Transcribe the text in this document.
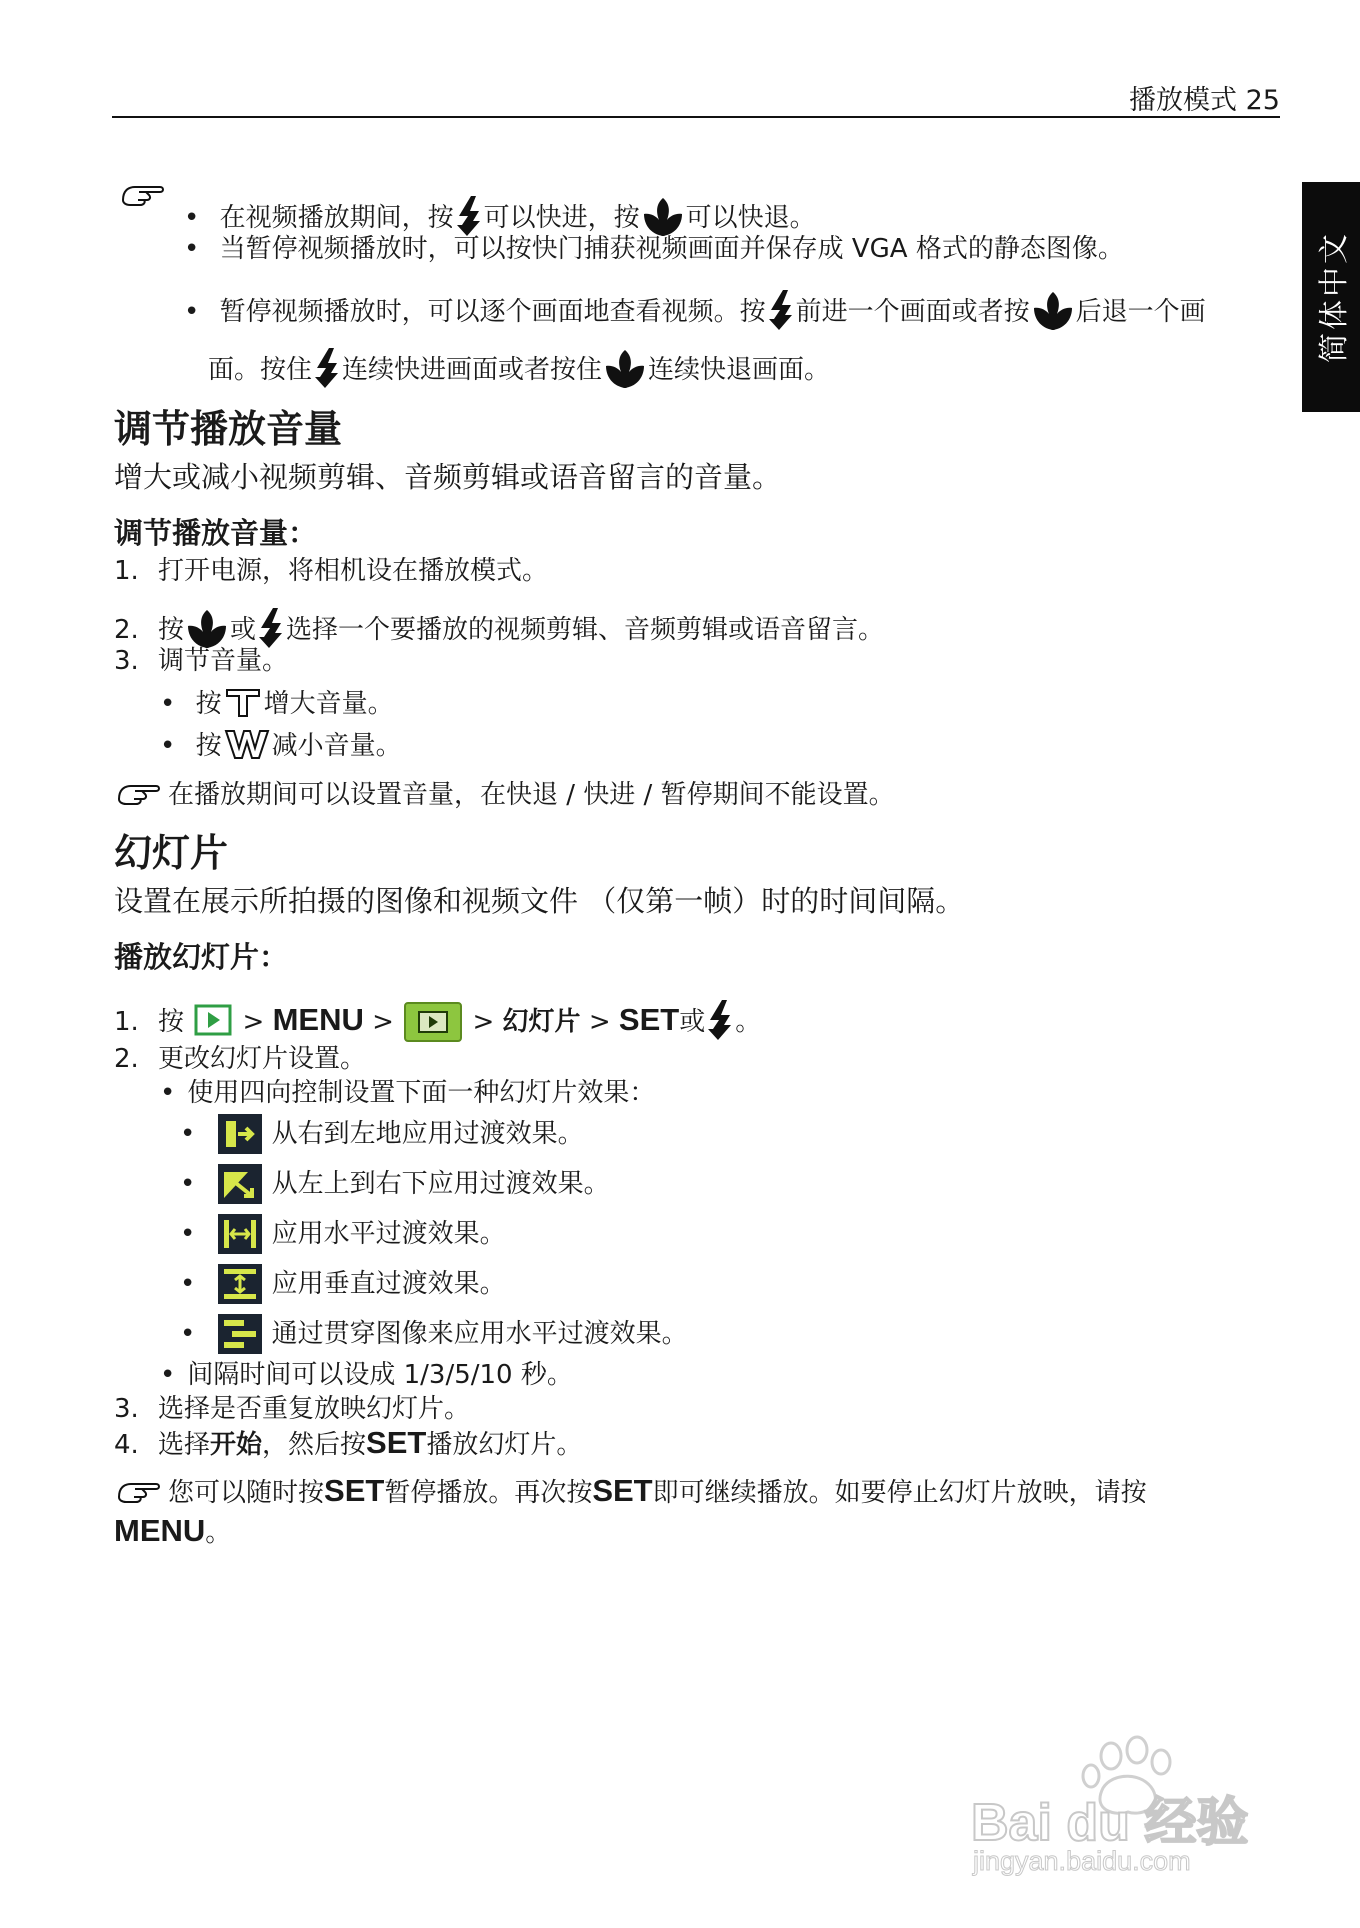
播放模式 25
简体中文
• 在视频播放期间，按 可以快进，按 可以快退。
• 当暂停视频播放时，可以按快门捕获视频画面并保存成 VGA 格式的静态图像。
• 暂停视频播放时，可以逐个画面地查看视频。按 前进一个画面或者按 后退一个画
面。按住 连续快进画面或者按住 连续快退画面。
调节播放音量
增大或减小视频剪辑、音频剪辑或语音留言的音量。
调节播放音量：
1. 打开电源，将相机设在播放模式。
2. 按 或 选择一个要播放的视频剪辑、音频剪辑或语音留言。
3. 调节音量。
• 按 增大音量。
• 按 减小音量。
在播放期间可以设置音量，在快退 / 快进 / 暂停期间不能设置。
幻灯片
设置在展示所拍摄的图像和视频文件 （仅第一帧）时的时间间隔。
播放幻灯片：
1. 按 > MENU >	> 幻灯片 > SET或 。
2. 更改幻灯片设置。
• 使用四向控制设置下面一种幻灯片效果：
• 从右到左地应用过渡效果。
• 从左上到右下应用过渡效果。
• 应用水平过渡效果。
• 应用垂直过渡效果。
• 通过贯穿图像来应用水平过渡效果。
• 间隔时间可以设成 1/3/5/10 秒。
3. 选择是否重复放映幻灯片。
4. 选择开始，然后按SET播放幻灯片。
您可以随时按SET暂停播放。再次按SET即可继续播放。如要停止幻灯片放映，请按
MENU。
Bai du 经验
jingyan.baidu.com
